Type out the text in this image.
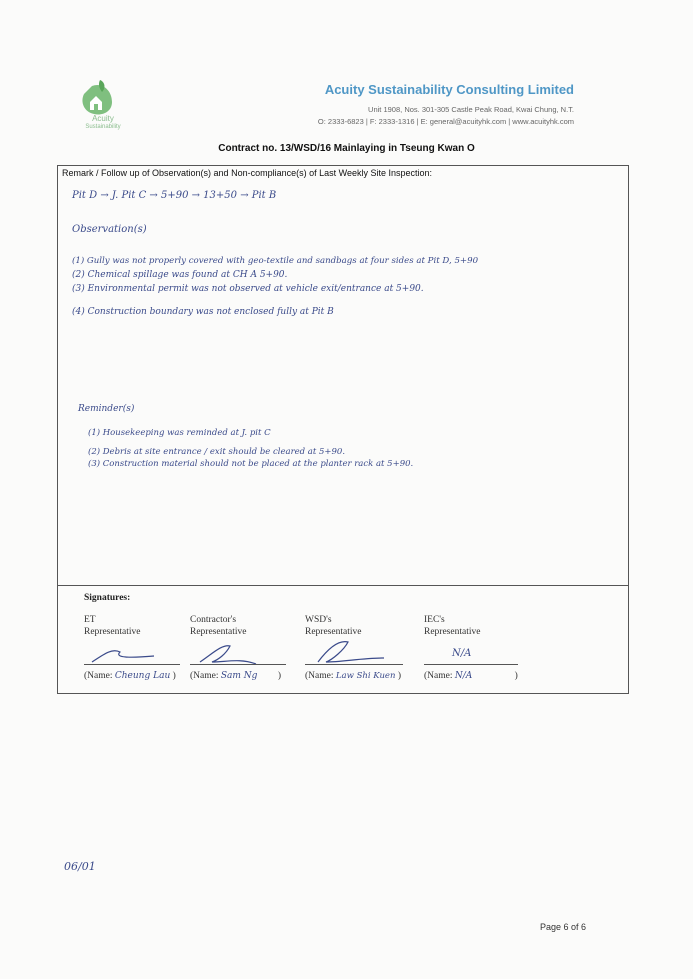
Acuity
Sustainability
Acuity Sustainability Consulting Limited
Unit 1908, Nos. 301-305 Castle Peak Road, Kwai Chung, N.T.
O: 2333-6823 | F: 2333-1316 | E: general@acuityhk.com | www.acuityhk.com
Contract no. 13/WSD/16 Mainlaying in Tseung Kwan O
Remark / Follow up of Observation(s) and Non-compliance(s) of Last Weekly Site Inspection:
Pit D → J. Pit C → 5+90 → 13+50 → Pit B
Observation(s)
(1) Gully was not properly covered with geo-textile and sandbags at four sides at Pit D, 5+90
(2) Chemical spillage was found at CH A 5+90.
(3) Environmental permit was not observed at vehicle exit/entrance at 5+90.
(4) Construction boundary was not enclosed fully at Pit B
Reminder(s)
(1) Housekeeping was reminded at J. pit C
(2) Debris at site entrance / exit should be cleared at 5+90.
(3) Construction material should not be placed at the planter rack at 5+90.
Signatures:
ET
Representative
(Name: Cheung Lau )
Contractor's
Representative
(Name: Sam Ng )
WSD's
Representative
(Name: Law Shi Kuen )
IEC's
Representative
N/A
(Name: N/A	)
06/01
Page 6 of 6
